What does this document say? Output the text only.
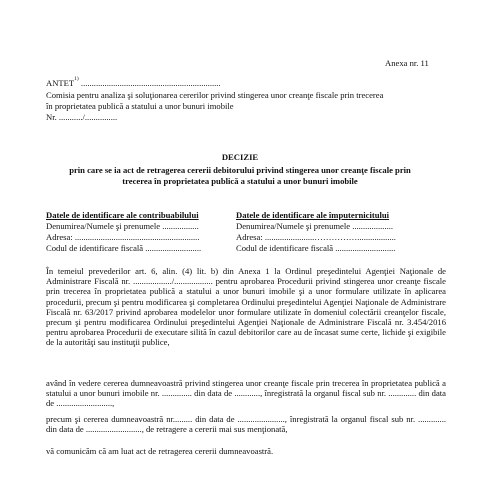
Anexa nr. 11
ANTET$^{1)}$ .................................................................
Comisia pentru analiza şi soluţionarea cererilor privind stingerea unor creanţe fiscale prin trecerea
în proprietatea publică a statului a unor bunuri imobile
Nr. .........../...............
DECIZIE
prin care se ia act de retragerea cererii debitorului privind stingerea unor creanţe fiscale prin
trecerea în proprietatea publică a statului a unor bunuri imobile
Datele de identificare ale contribuabilului
Denumirea/Numele şi prenumele .................
Adresa: ..........................................................
Codul de identificare fiscală ..........................
Datele de identificare ale împuternicitului
Denumirea/Numele şi prenumele ...................
Adresa: .......................……………..................
Codul de identificare fiscală ............................
În temeiul prevederilor art. 6, alin. (4) lit. b) din Anexa 1 la Ordinul preşedintelui Agenţiei Naţionale de Administrare Fiscală nr. ................../.................. pentru aprobarea Procedurii privind stingerea unor creanţe fiscale prin trecerea în proprietatea publică a statului a unor bunuri imobile şi a unor formulare utilizate în aplicarea procedurii, precum şi pentru modificarea şi completarea Ordinului preşedintelui Agenţiei Naţionale de Administrare Fiscală nr. 63/2017 privind aprobarea modelelor unor formulare utilizate în domeniul colectării creanţelor fiscale, precum şi pentru modificarea Ordinului preşedintelui Agenţiei Naţionale de Administrare Fiscală nr. 3.454/2016 pentru aprobarea Procedurii de executare silită în cazul debitorilor care au de încasat sume certe, lichide şi exigibile de la autorităţi sau instituţii publice,
având în vedere cererea dumneavoastră privind stingerea unor creanţe fiscale prin trecerea în proprietatea publică a statului a unor bunuri imobile nr. .............. din data de ............, înregistrată la organul fiscal sub nr. ............. din data de ..........................,
precum şi cererea dumneavoastră nr......... din data de ......................, înregistrată la organul fiscal sub nr. ............. din data de .........................., de retragere a cererii mai sus menţionată,
vă comunicăm că am luat act de retragerea cererii dumneavoastră.
